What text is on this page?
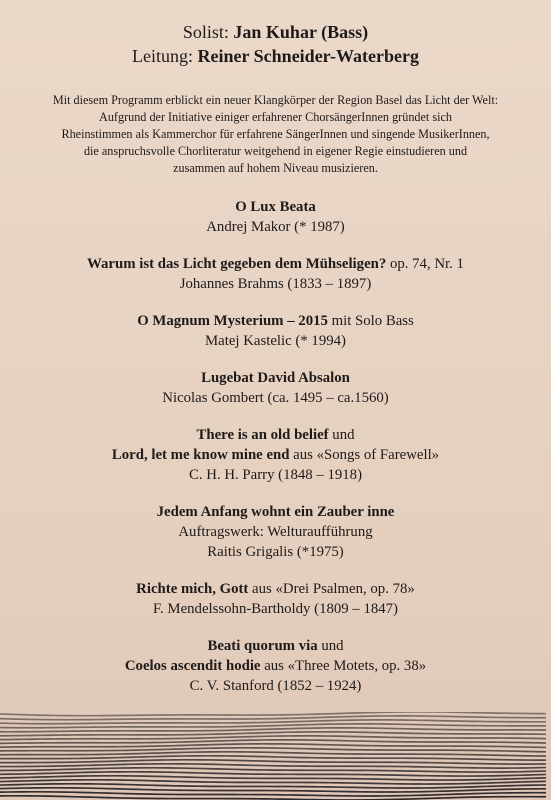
Solist: Jan Kuhar (Bass)
Leitung: Reiner Schneider-Waterberg
Mit diesem Programm erblickt ein neuer Klangkörper der Region Basel das Licht der Welt:
Aufgrund der Initiative einiger erfahrener ChorsängerInnen gründet sich
Rheinstimmen als Kammerchor für erfahrene SängerInnen und singende MusikerInnen,
die anspruchsvolle Chorliteratur weitgehend in eigener Regie einstudieren und
zusammen auf hohem Niveau musizieren.
O Lux Beata
Andrej Makor (* 1987)
Warum ist das Licht gegeben dem Mühseligen? op. 74, Nr. 1
Johannes Brahms (1833 – 1897)
O Magnum Mysterium – 2015 mit Solo Bass
Matej Kastelic (* 1994)
Lugebat David Absalon
Nicolas Gombert (ca. 1495 – ca.1560)
There is an old belief und
Lord, let me know mine end aus «Songs of Farewell»
C. H. H. Parry (1848 – 1918)
Jedem Anfang wohnt ein Zauber inne
Auftragswerk: Welturaufführung
Raitis Grigalis (*1975)
Richte mich, Gott aus «Drei Psalmen, op. 78»
F. Mendelssohn-Bartholdy (1809 – 1847)
Beati quorum via und
Coelos ascendit hodie aus «Three Motets, op. 38»
C. V. Stanford (1852 – 1924)
